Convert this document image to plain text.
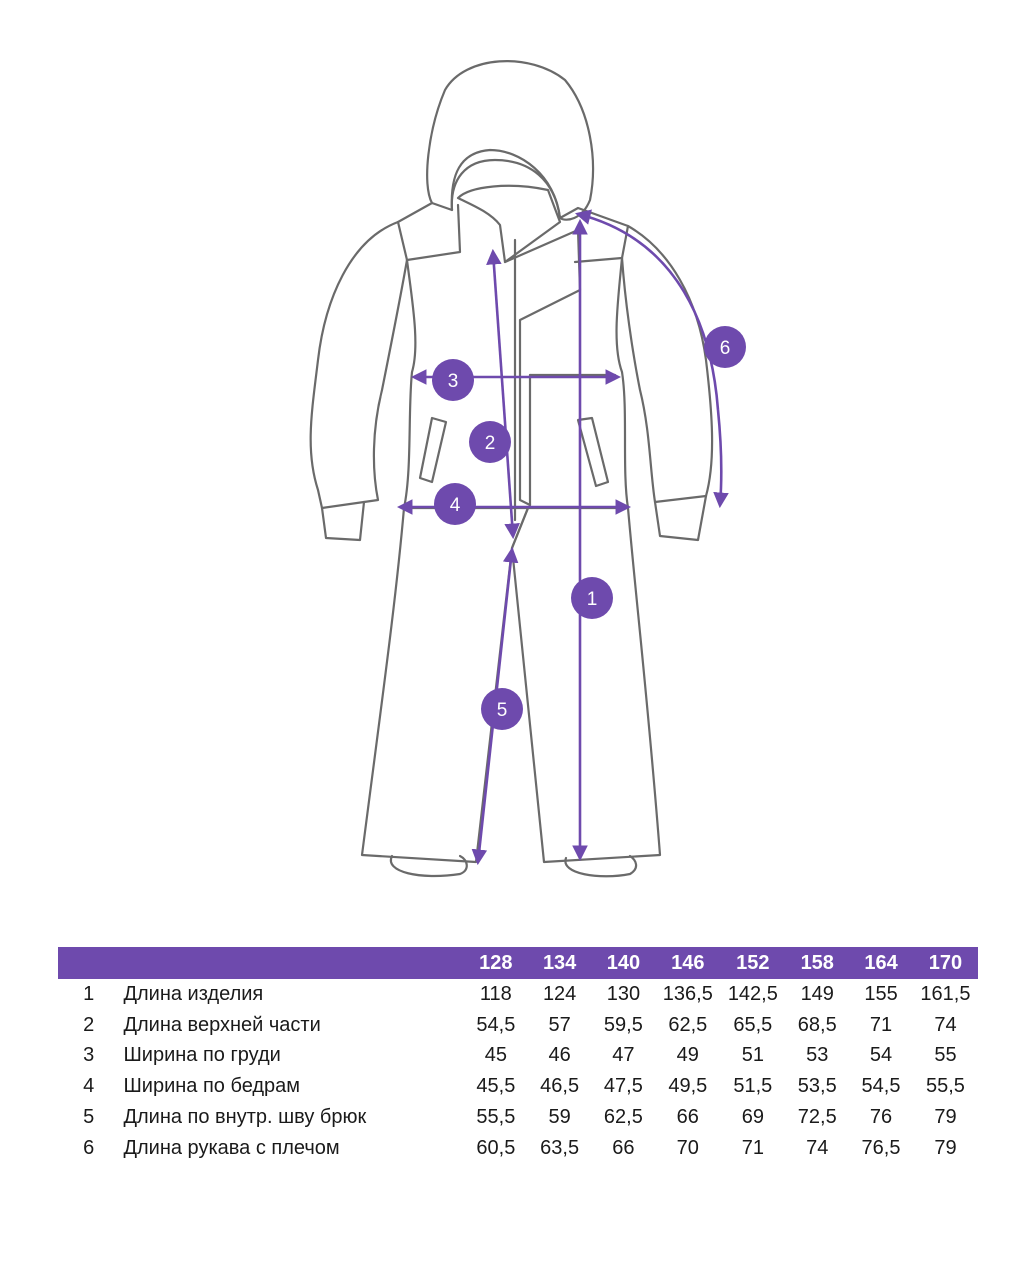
1
2
3
4
5
6
		128	134	140	146	152	158	164	170
1	Длина изделия	118	124	130	136,5	142,5	149	155	161,5
2	Длина верхней части	54,5	57	59,5	62,5	65,5	68,5	71	74
3	Ширина по груди	45	46	47	49	51	53	54	55
4	Ширина по бедрам	45,5	46,5	47,5	49,5	51,5	53,5	54,5	55,5
5	Длина по внутр. шву брюк	55,5	59	62,5	66	69	72,5	76	79
6	Длина рукава с плечом	60,5	63,5	66	70	71	74	76,5	79
